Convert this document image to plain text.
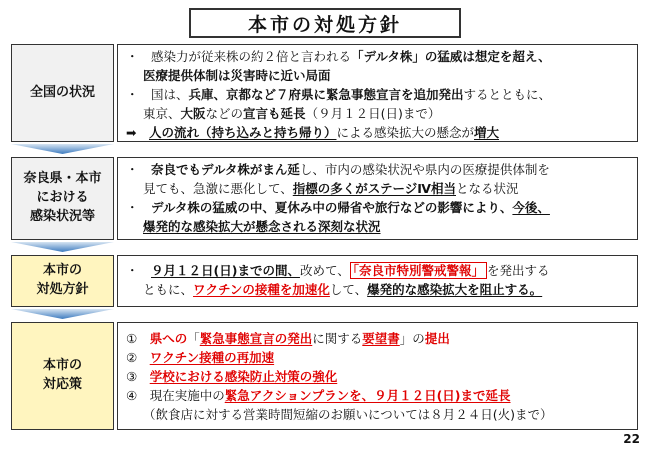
本市の対処方針
全国の状況
・　感染力が従来株の約２倍と言われる「デルタ株」の猛威は想定を超え、
医療提供体制は災害時に近い局面
・　国は、兵庫、京都など７府県に緊急事態宣言を追加発出するとともに、
東京、大阪などの宣言も延長（９月１２日(日)まで）
➡　人の流れ（持ち込みと持ち帰り）による感染拡大の懸念が増大
奈良県・本市
における
感染状況等
・　奈良でもデルタ株がまん延し、市内の感染状況や県内の医療提供体制を
見ても、急激に悪化して、指標の多くがステージⅣ相当となる状況
・　デルタ株の猛威の中、夏休み中の帰省や旅行などの影響により、今後、
爆発的な感染拡大が懸念される深刻な状況
本市の
対処方針
・　９月１２日(日)までの間、改めて、 「奈良市特別警戒警報」 を発出する
ともに、ワクチンの接種を加速化して、爆発的な感染拡大を阻止する。
本市の
対応策
①　県への「緊急事態宣言の発出に関する要望書」の提出
②　ワクチン接種の再加速
③　学校における感染防止対策の強化
④　現在実施中の緊急アクションプランを、９月１２日(日)まで延長
（飲食店に対する営業時間短縮のお願いについては８月２４日(火)まで）
22
